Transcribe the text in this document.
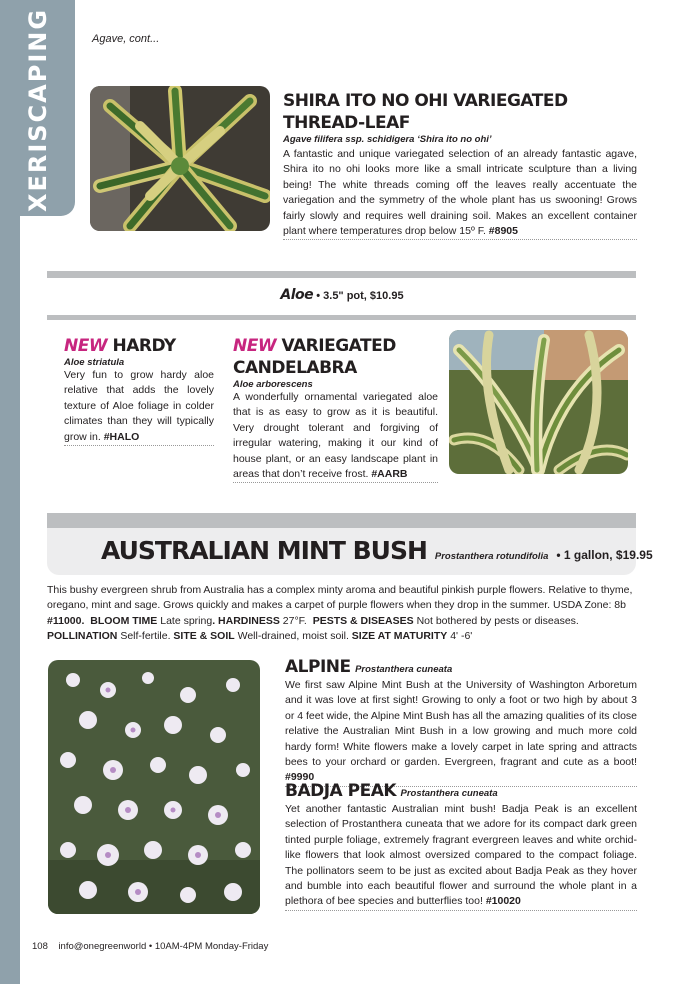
XERISCAPING	Agave, cont...
SHIRA ITO NO OHI VARIEGATED THREAD-LEAF
Agave filifera ssp. schidigera ‘Shira ito no ohi’
A fantastic and unique variegated selection of an already fantastic agave, Shira ito no ohi looks more like a small intricate sculpture than a living being! The white threads coming off the leaves really accentuate the variegation and the symmetry of the whole plant has us swooning! Grows fairly slowly and requires well draining soil. Makes an excellent container plant where temperatures drop below 15º F. #8905
Aloe • 3.5" pot, $10.95
NEW HARDY
Aloe striatula
Very fun to grow hardy aloe relative that adds the lovely texture of Aloe foliage in colder climates than they will typically grow in. #HALO
NEW VARIEGATED CANDELABRA
Aloe arborescens
A wonderfully ornamental variegated aloe that is as easy to grow as it is beautiful. Very drought tolerant and forgiving of irregular watering, making it our kind of house plant, or an easy landscape plant in areas that don’t receive frost. #AARB
AUSTRALIAN MINT BUSH Prostanthera rotundifolia • 1 gallon, $19.95
This bushy evergreen shrub from Australia has a complex minty aroma and beautiful pinkish purple flowers. Relative to thyme, oregano, mint and sage. Grows quickly and makes a carpet of purple flowers when they drop in the summer. USDA Zone: 8b #11000. BLOOM TIME Late spring. HARDINESS 27°F. PESTS & DISEASES Not bothered by pests or diseases. POLLINATION Self-fertile. SITE & SOIL Well-drained, moist soil. SIZE AT MATURITY 4' -6'
ALPINE Prostanthera cuneata
We first saw Alpine Mint Bush at the University of Washington Arboretum and it was love at first sight! Growing to only a foot or two high by about 3 or 4 feet wide, the Alpine Mint Bush has all the amazing qualities of its close relative the Australian Mint Bush in a low growing and much more cold hardy form! White flowers make a lovely carpet in late spring and attracts bees to your orchard or garden. Evergreen, fragrant and cute as a boot! #9990
BADJA PEAK Prostanthera cuneata
Yet another fantastic Australian mint bush! Badja Peak is an excellent selection of Prostanthera cuneata that we adore for its compact dark green tinted purple foliage, extremely fragrant evergreen leaves and white orchid-like flowers that look almost oversized compared to the compact foliage. The pollinators seem to be just as excited about Badja Peak as they hover and bumble into each beautiful flower and surround the whole plant in a plethora of bee species and butterflies too! #10020
108 info@onegreenworld • 10AM-4PM Monday-Friday
